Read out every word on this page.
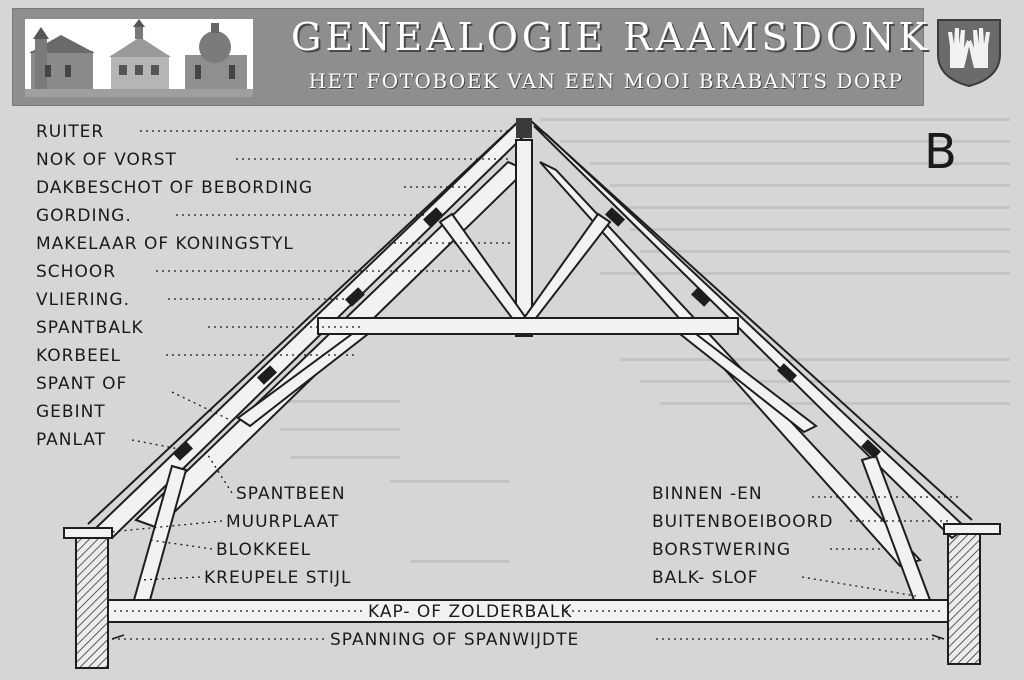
GENEALOGIE RAAMSDONK
HET FOTOBOEK VAN EEN MOOI BRABANTS DORP
B
RUITER
NOK OF VORST
DAKBESCHOT OF BEBORDING
GORDING.
MAKELAAR OF KONINGSTYL
SCHOOR
VLIERING.
SPANTBALK
KORBEEL
SPANT OF
GEBINT
PANLAT
SPANTBEEN
MUURPLAAT
BLOKKEEL
KREUPELE STIJL
BINNEN -EN
BUITENBOEIBOORD
BORSTWERING
BALK- SLOF
KAP- OF ZOLDERBALK
SPANNING OF SPANWIJDTE
